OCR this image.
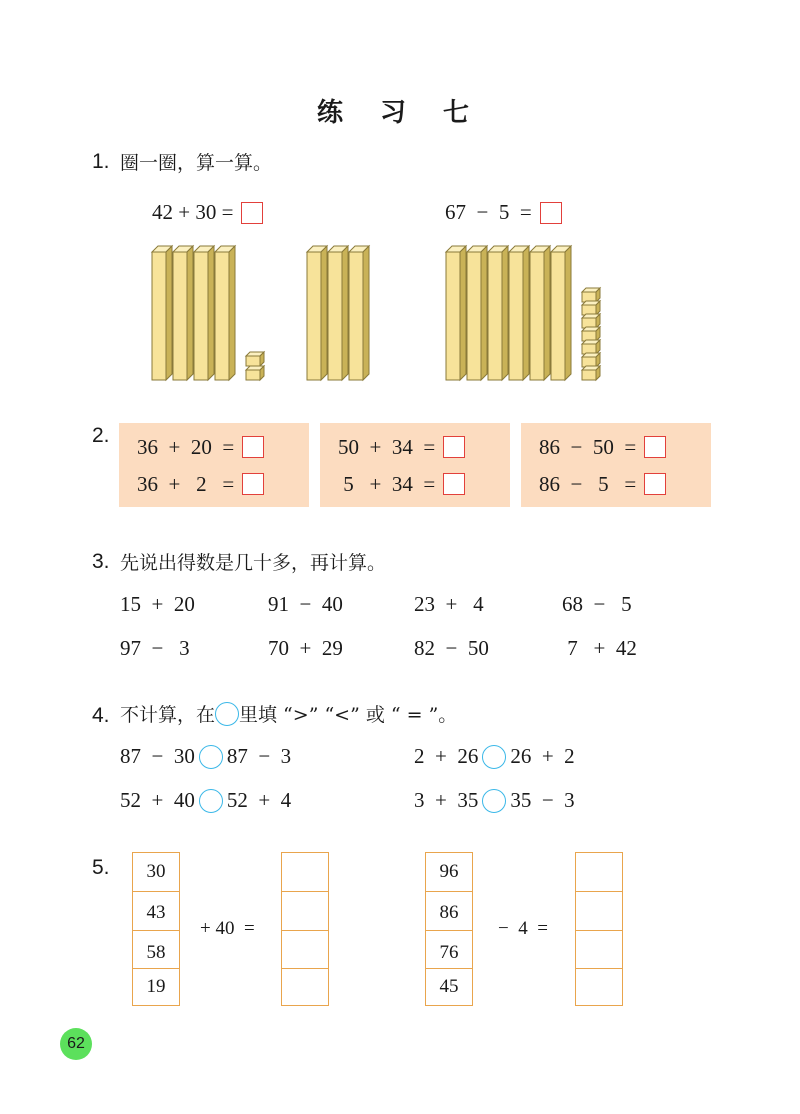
练 习 七
1. 圈一圈，算一算。
42 + 30 =	67  −  5  =
2. 36  +  20  =
36  +   2   =
50  +  34  =
5   +  34  =
86  −  50  =
86  −   5   =
3. 先说出得数是几十多，再计算。
15  +  20	91  −  40	23  +   4	68  −   5
97  −   3	70  +  29	82  −  50	7   +  42
4. 不计算，在 里填 “>” “<” 或 “ = ”。
87  −  30 87  −  3	2  +  26 26  +  2
52  +  40 52  +  4	3  +  35 35  −  3
5.	30
43
58
19
+ 40  =
96
86
76
45
−  4  =
62
